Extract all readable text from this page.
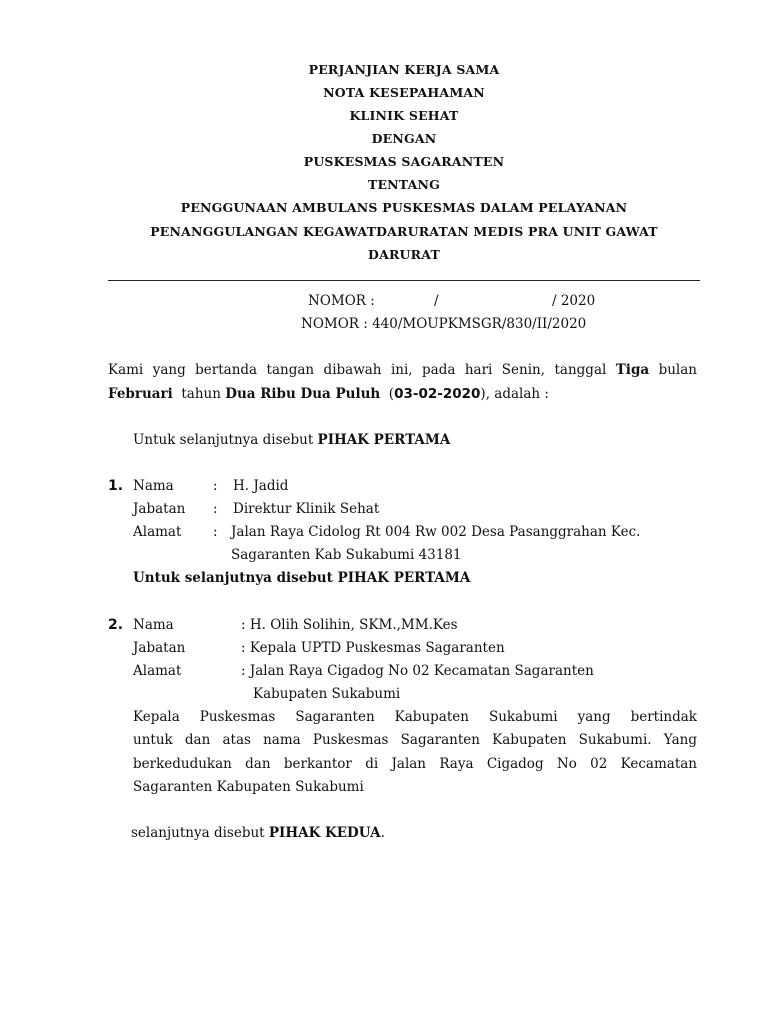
PERJANJIAN KERJA SAMA
NOTA KESEPAHAMAN
KLINIK SEHAT
DENGAN
PUSKESMAS SAGARANTEN
TENTANG
PENGGUNAAN AMBULANS PUSKESMAS DALAM PELAYANAN
PENANGGULANGAN KEGAWATDARURATAN MEDIS PRA UNIT GAWAT
DARURAT
NOMOR :	/	/ 2020
NOMOR : 440/MOUPKMSGR/830/II/2020
Kami yang bertanda tangan dibawah ini, pada hari Senin, tanggal Tiga bulan
Februari  tahun Dua Ribu Dua Puluh  (03-02-2020), adalah :
Untuk selanjutnya disebut PIHAK PERTAMA
1. Nama	: H. Jadid
Jabatan : Direktur Klinik Sehat
Alamat : Jalan Raya Cidolog Rt 004 Rw 002 Desa Pasanggrahan Kec.
Sagaranten Kab Sukabumi 43181
Untuk selanjutnya disebut PIHAK PERTAMA
2. Nama	: H. Olih Solihin, SKM.,MM.Kes
Jabatan	: Kepala UPTD Puskesmas Sagaranten
Alamat	: Jalan Raya Cigadog No 02 Kecamatan Sagaranten
Kabupaten Sukabumi
Kepala Puskesmas Sagaranten Kabupaten Sukabumi yang bertindak
untuk dan atas nama Puskesmas Sagaranten Kabupaten Sukabumi. Yang
berkedudukan dan berkantor di Jalan Raya Cigadog No 02 Kecamatan
Sagaranten Kabupaten Sukabumi
selanjutnya disebut PIHAK KEDUA.
